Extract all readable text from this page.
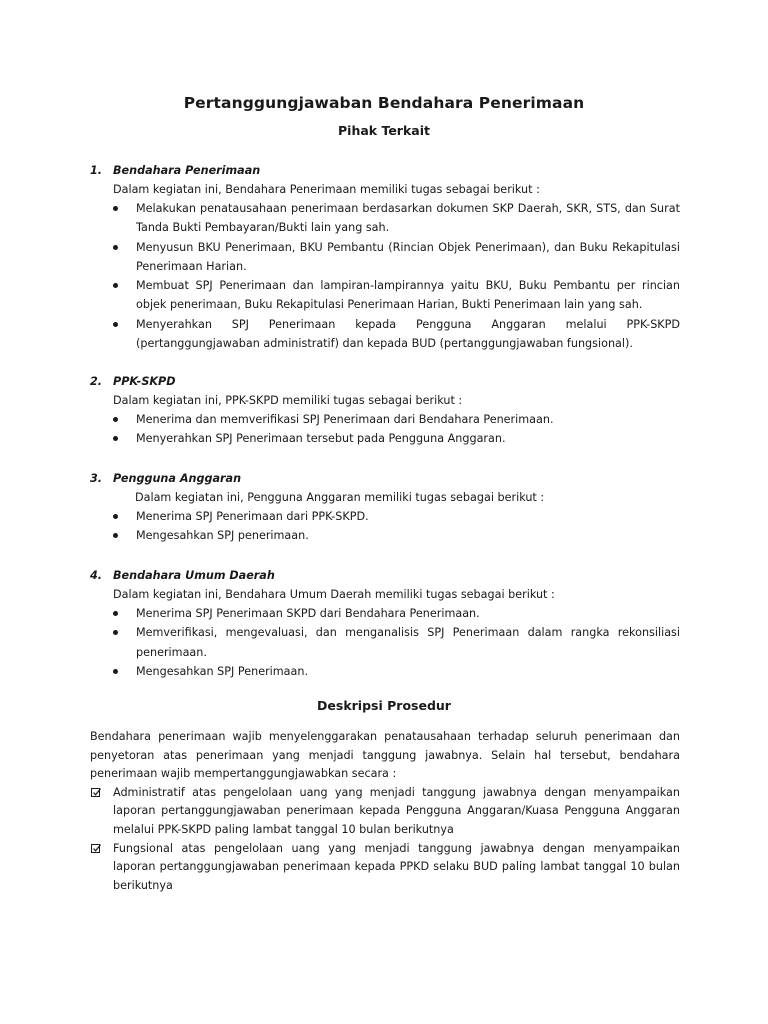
Pertanggungjawaban Bendahara Penerimaan
Pihak Terkait
1. Bendahara Penerimaan
Dalam kegiatan ini, Bendahara Penerimaan memiliki tugas sebagai berikut :
Melakukan penatausahaan penerimaan berdasarkan dokumen SKP Daerah, SKR, STS, dan Surat Tanda Bukti Pembayaran/Bukti lain yang sah.
Menyusun BKU Penerimaan, BKU Pembantu (Rincian Objek Penerimaan), dan Buku Rekapitulasi Penerimaan Harian.
Membuat SPJ Penerimaan dan lampiran-lampirannya yaitu BKU, Buku Pembantu per rincian objek penerimaan, Buku Rekapitulasi Penerimaan Harian, Bukti Penerimaan lain yang sah.
Menyerahkan SPJ Penerimaan kepada Pengguna Anggaran melalui PPK-SKPD (pertanggungjawaban administratif) dan kepada BUD (pertanggungjawaban fungsional).
2. PPK-SKPD
Dalam kegiatan ini, PPK-SKPD memiliki tugas sebagai berikut :
Menerima dan memverifikasi SPJ Penerimaan dari Bendahara Penerimaan.
Menyerahkan SPJ Penerimaan tersebut pada Pengguna Anggaran.
3. Pengguna Anggaran
Dalam kegiatan ini, Pengguna Anggaran memiliki tugas sebagai berikut :
Menerima SPJ Penerimaan dari PPK-SKPD.
Mengesahkan SPJ penerimaan.
4. Bendahara Umum Daerah
Dalam kegiatan ini, Bendahara Umum Daerah memiliki tugas sebagai berikut :
Menerima SPJ Penerimaan SKPD dari Bendahara Penerimaan.
Memverifikasi, mengevaluasi, dan menganalisis SPJ Penerimaan dalam rangka rekonsiliasi penerimaan.
Mengesahkan SPJ Penerimaan.
Deskripsi Prosedur
Bendahara penerimaan wajib menyelenggarakan penatausahaan terhadap seluruh penerimaan dan penyetoran atas penerimaan yang menjadi tanggung jawabnya. Selain hal tersebut, bendahara penerimaan wajib mempertanggungjawabkan secara :
Administratif atas pengelolaan uang yang menjadi tanggung jawabnya dengan menyampaikan laporan pertanggungjawaban penerimaan kepada Pengguna Anggaran/Kuasa Pengguna Anggaran melalui PPK-SKPD paling lambat tanggal 10 bulan berikutnya
Fungsional atas pengelolaan uang yang menjadi tanggung jawabnya dengan menyampaikan laporan pertanggungjawaban penerimaan kepada PPKD selaku BUD paling lambat tanggal 10 bulan berikutnya
